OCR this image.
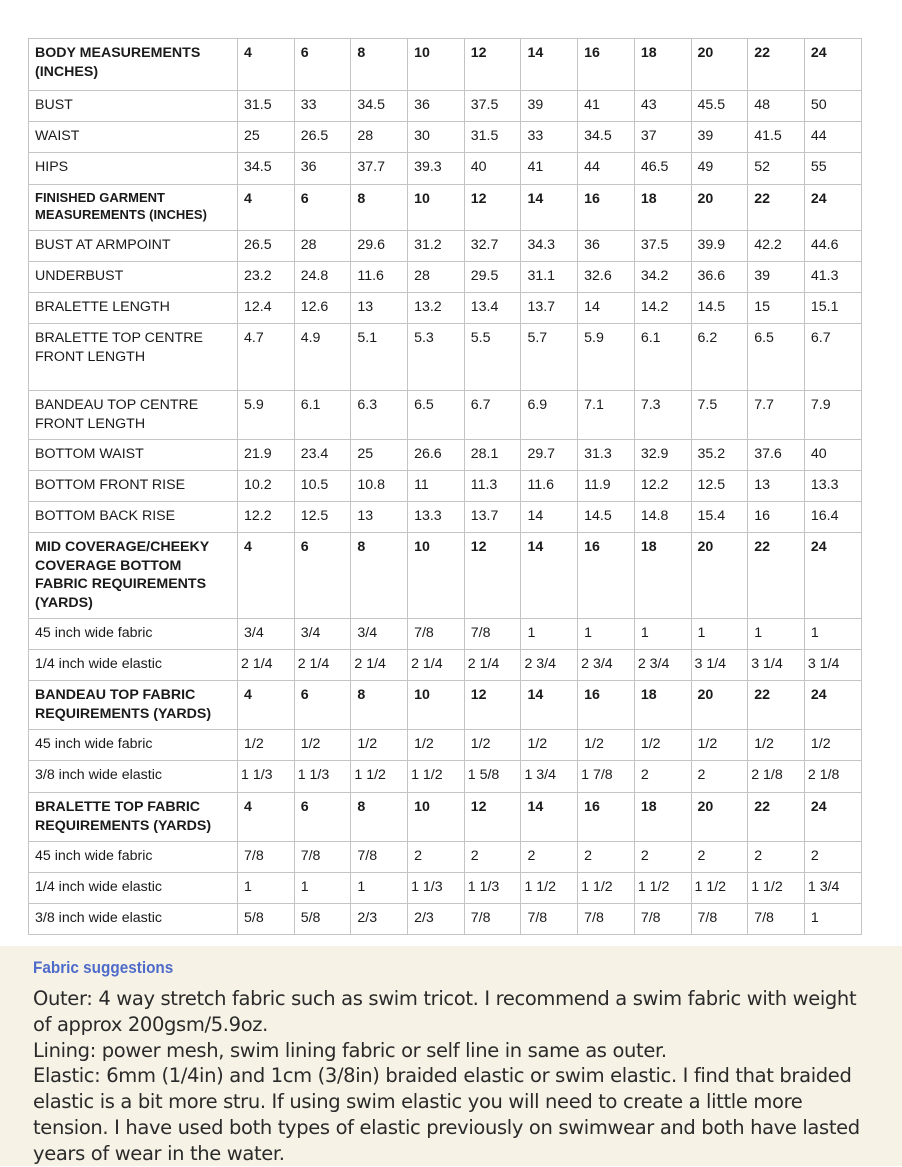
BODY MEASUREMENTS (INCHES)	4	6	8	10	12	14	16	18	20	22	24
BUST	31.5	33	34.5	36	37.5	39	41	43	45.5	48	50
WAIST	25	26.5	28	30	31.5	33	34.5	37	39	41.5	44
HIPS	34.5	36	37.7	39.3	40	41	44	46.5	49	52	55
FINISHED GARMENT MEASUREMENTS (INCHES)	4	6	8	10	12	14	16	18	20	22	24
BUST AT ARMPOINT	26.5	28	29.6	31.2	32.7	34.3	36	37.5	39.9	42.2	44.6
UNDERBUST	23.2	24.8	11.6	28	29.5	31.1	32.6	34.2	36.6	39	41.3
BRALETTE LENGTH	12.4	12.6	13	13.2	13.4	13.7	14	14.2	14.5	15	15.1
BRALETTE TOP CENTRE FRONT LENGTH	4.7	4.9	5.1	5.3	5.5	5.7	5.9	6.1	6.2	6.5	6.7
BANDEAU TOP CENTRE FRONT LENGTH	5.9	6.1	6.3	6.5	6.7	6.9	7.1	7.3	7.5	7.7	7.9
BOTTOM WAIST	21.9	23.4	25	26.6	28.1	29.7	31.3	32.9	35.2	37.6	40
BOTTOM FRONT RISE	10.2	10.5	10.8	11	11.3	11.6	11.9	12.2	12.5	13	13.3
BOTTOM BACK RISE	12.2	12.5	13	13.3	13.7	14	14.5	14.8	15.4	16	16.4
MID COVERAGE/CHEEKY COVERAGE BOTTOM FABRIC REQUIREMENTS (YARDS)	4	6	8	10	12	14	16	18	20	22	24
45 inch wide fabric	3/4	3/4	3/4	7/8	7/8	1	1	1	1	1	1
1/4 inch wide elastic	2 1/4	2 1/4	2 1/4	2 1/4	2 1/4	2 3/4	2 3/4	2 3/4	3 1/4	3 1/4	3 1/4
BANDEAU TOP FABRIC REQUIREMENTS (YARDS)	4	6	8	10	12	14	16	18	20	22	24
45 inch wide fabric	1/2	1/2	1/2	1/2	1/2	1/2	1/2	1/2	1/2	1/2	1/2
3/8 inch wide elastic	1 1/3	1 1/3	1 1/2	1 1/2	1 5/8	1 3/4	1 7/8	2	2	2 1/8	2 1/8
BRALETTE TOP FABRIC REQUIREMENTS (YARDS)	4	6	8	10	12	14	16	18	20	22	24
45 inch wide fabric	7/8	7/8	7/8	2	2	2	2	2	2	2	2
1/4 inch wide elastic	1	1	1	1 1/3	1 1/3	1 1/2	1 1/2	1 1/2	1 1/2	1 1/2	1 3/4
3/8 inch wide elastic	5/8	5/8	2/3	2/3	7/8	7/8	7/8	7/8	7/8	7/8	1
Fabric suggestions

Outer: 4 way stretch fabric such as swim tricot. I recommend a swim fabric with weight of approx 200gsm/5.9oz.

Lining: power mesh, swim lining fabric or self line in same as outer.

Elastic: 6mm (1/4in) and 1cm (3/8in) braided elastic or swim elastic. I find that braided elastic is a bit more stru. If using swim elastic you will need to create a little more tension. I have used both types of elastic previously on swimwear and both have lasted years of wear in the water.
